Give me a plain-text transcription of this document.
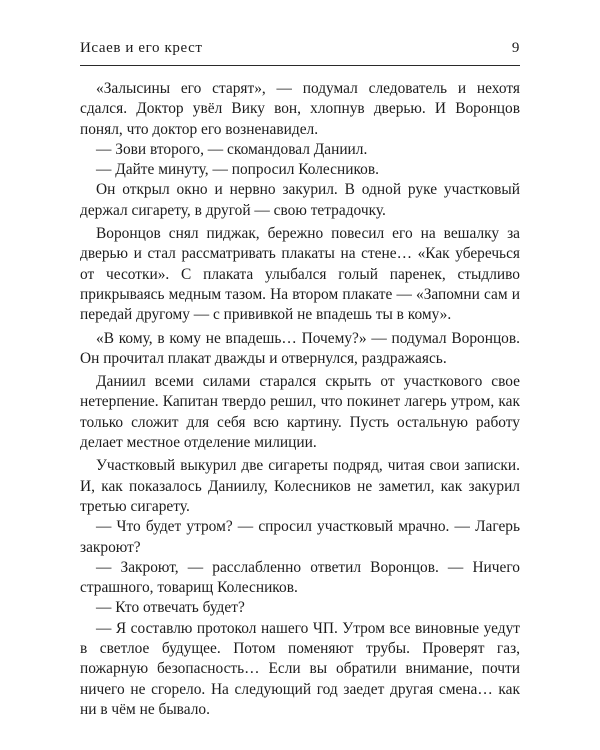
Исаев и его крест	9

«Залысины его старят», — подумал следователь и нехотя сдался. Доктор увёл Вику вон, хлопнув дверью. И Воронцов понял, что доктор его возненавидел.

— Зови второго, — скомандовал Даниил.

— Дайте минуту, — попросил Колесников.

Он открыл окно и нервно закурил. В одной руке участковый держал сигарету, в другой — свою тетрадочку.

Воронцов снял пиджак, бережно повесил его на вешалку за дверью и стал рассматривать плакаты на стене… «Как уберечься от чесотки». С плаката улыбался голый паренек, стыдливо прикрываясь медным тазом. На втором плакате — «Запомни сам и передай другому — с прививкой не впадешь ты в кому».

«В кому, в кому не впадешь… Почему?» — подумал Воронцов. Он прочитал плакат дважды и отвернулся, раздражаясь.

Даниил всеми силами старался скрыть от участкового свое нетерпение. Капитан твердо решил, что покинет лагерь утром, как только сложит для себя всю картину. Пусть остальную работу делает местное отделение милиции.

Участковый выкурил две сигареты подряд, читая свои записки. И, как показалось Даниилу, Колесников не заметил, как закурил третью сигарету.

— Что будет утром? — спросил участковый мрачно. — Лагерь закроют?

— Закроют, — расслабленно ответил Воронцов. — Ничего страшного, товарищ Колесников.

— Кто отвечать будет?

— Я составлю протокол нашего ЧП. Утром все виновные уедут в светлое будущее. Потом поменяют трубы. Проверят газ, пожарную безопасность… Если вы обратили внимание, почти ничего не сгорело. На следующий год заедет другая смена… как ни в чём не бывало.
